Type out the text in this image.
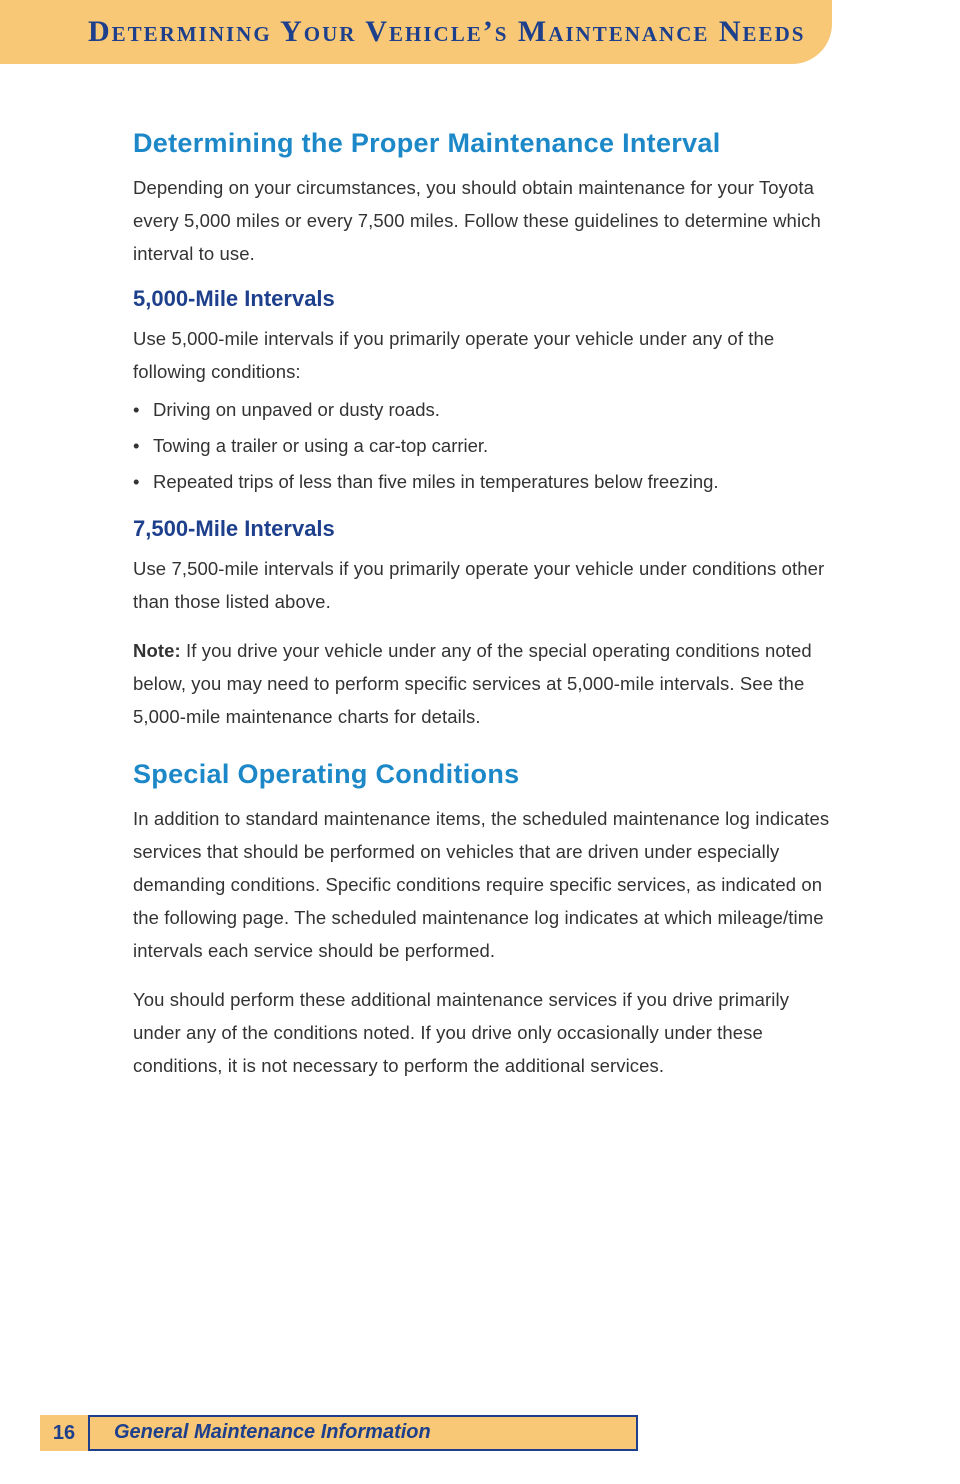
Determining Your Vehicle’s Maintenance Needs
Determining the Proper Maintenance Interval

Depending on your circumstances, you should obtain maintenance for your Toyota every 5,000 miles or every 7,500 miles. Follow these guidelines to determine which interval to use.

5,000-Mile Intervals

Use 5,000-mile intervals if you primarily operate your vehicle under any of the following conditions:

• Driving on unpaved or dusty roads.
• Towing a trailer or using a car-top carrier.
• Repeated trips of less than five miles in temperatures below freezing.
7,500-Mile Intervals

Use 7,500-mile intervals if you primarily operate your vehicle under conditions other than those listed above.

Note: If you drive your vehicle under any of the special operating conditions noted below, you may need to perform specific services at 5,000-mile intervals. See the 5,000-mile maintenance charts for details.

Special Operating Conditions

In addition to standard maintenance items, the scheduled maintenance log indicates services that should be performed on vehicles that are driven under especially demanding conditions. Specific conditions require specific services, as indicated on the following page. The scheduled maintenance log indicates at which mileage/time intervals each service should be performed.

You should perform these additional maintenance services if you drive primarily under any of the conditions noted. If you drive only occasionally under these conditions, it is not necessary to perform the additional services.

16	General Maintenance Information
